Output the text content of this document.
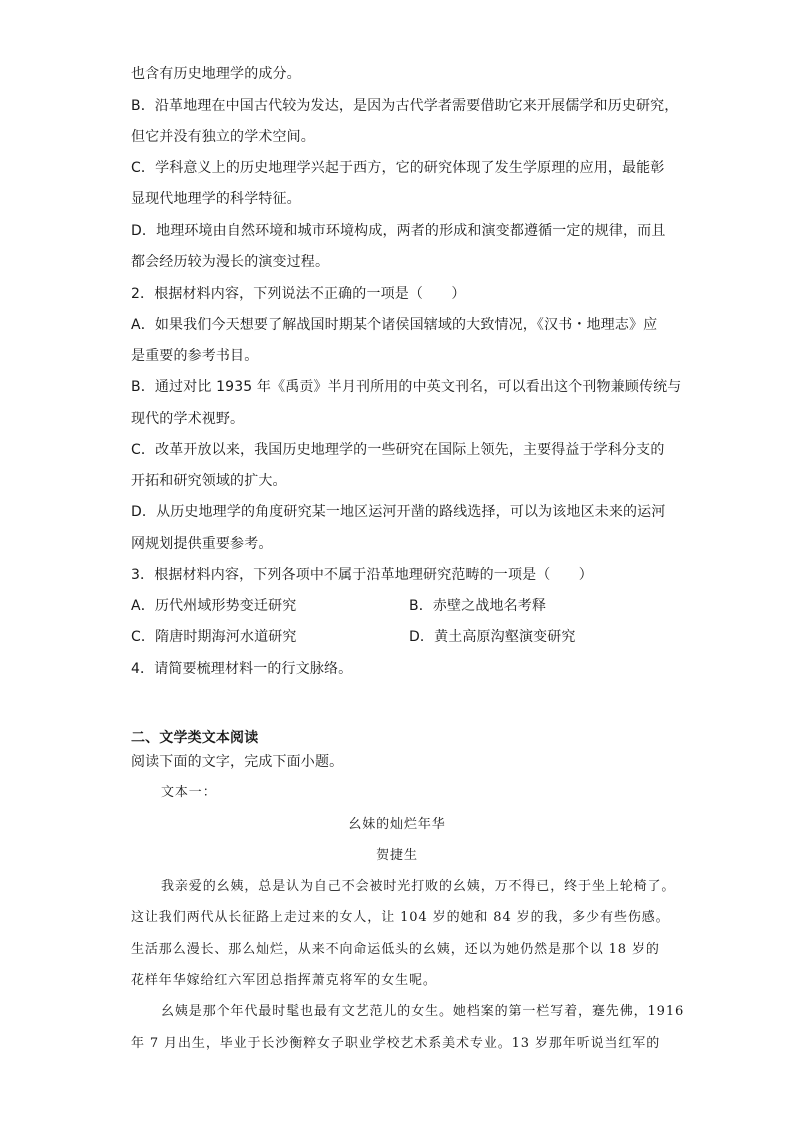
也含有历史地理学的成分。
B．沿革地理在中国古代较为发达，是因为古代学者需要借助它来开展儒学和历史研究，
但它并没有独立的学术空间。
C．学科意义上的历史地理学兴起于西方，它的研究体现了发生学原理的应用，最能彰
显现代地理学的科学特征。
D．地理环境由自然环境和城市环境构成，两者的形成和演变都遵循一定的规律，而且
都会经历较为漫长的演变过程。
2．根据材料内容，下列说法不正确的一项是（　　）
A．如果我们今天想要了解战国时期某个诸侯国辖域的大致情况，《汉书・地理志》应
是重要的参考书目。
B．通过对比 1935 年《禹贡》半月刊所用的中英文刊名，可以看出这个刊物兼顾传统与
现代的学术视野。
C．改革开放以来，我国历史地理学的一些研究在国际上领先，主要得益于学科分支的
开拓和研究领域的扩大。
D．从历史地理学的角度研究某一地区运河开凿的路线选择，可以为该地区未来的运河
网规划提供重要参考。
3．根据材料内容，下列各项中不属于沿革地理研究范畴的一项是（　　）
A．历代州域形势变迁研究	B．赤壁之战地名考释
C．隋唐时期海河水道研究	D．黄土高原沟壑演变研究
4．请简要梳理材料一的行文脉络。
二、文学类文本阅读
阅读下面的文字，完成下面小题。
文本一：
幺妹的灿烂年华
贺捷生
我亲爱的幺姨，总是认为自己不会被时光打败的幺姨，万不得已，终于坐上轮椅了。
这让我们两代从长征路上走过来的女人，让 104 岁的她和 84 岁的我，多少有些伤感。
生活那么漫长、那么灿烂，从来不向命运低头的幺姨，还以为她仍然是那个以 18 岁的
花样年华嫁给红六军团总指挥萧克将军的女生呢。
幺姨是那个年代最时髦也最有文艺范儿的女生。她档案的第一栏写着，蹇先佛，1916
年 7 月出生，毕业于长沙衡粹女子职业学校艺术系美术专业。13 岁那年听说当红军的
